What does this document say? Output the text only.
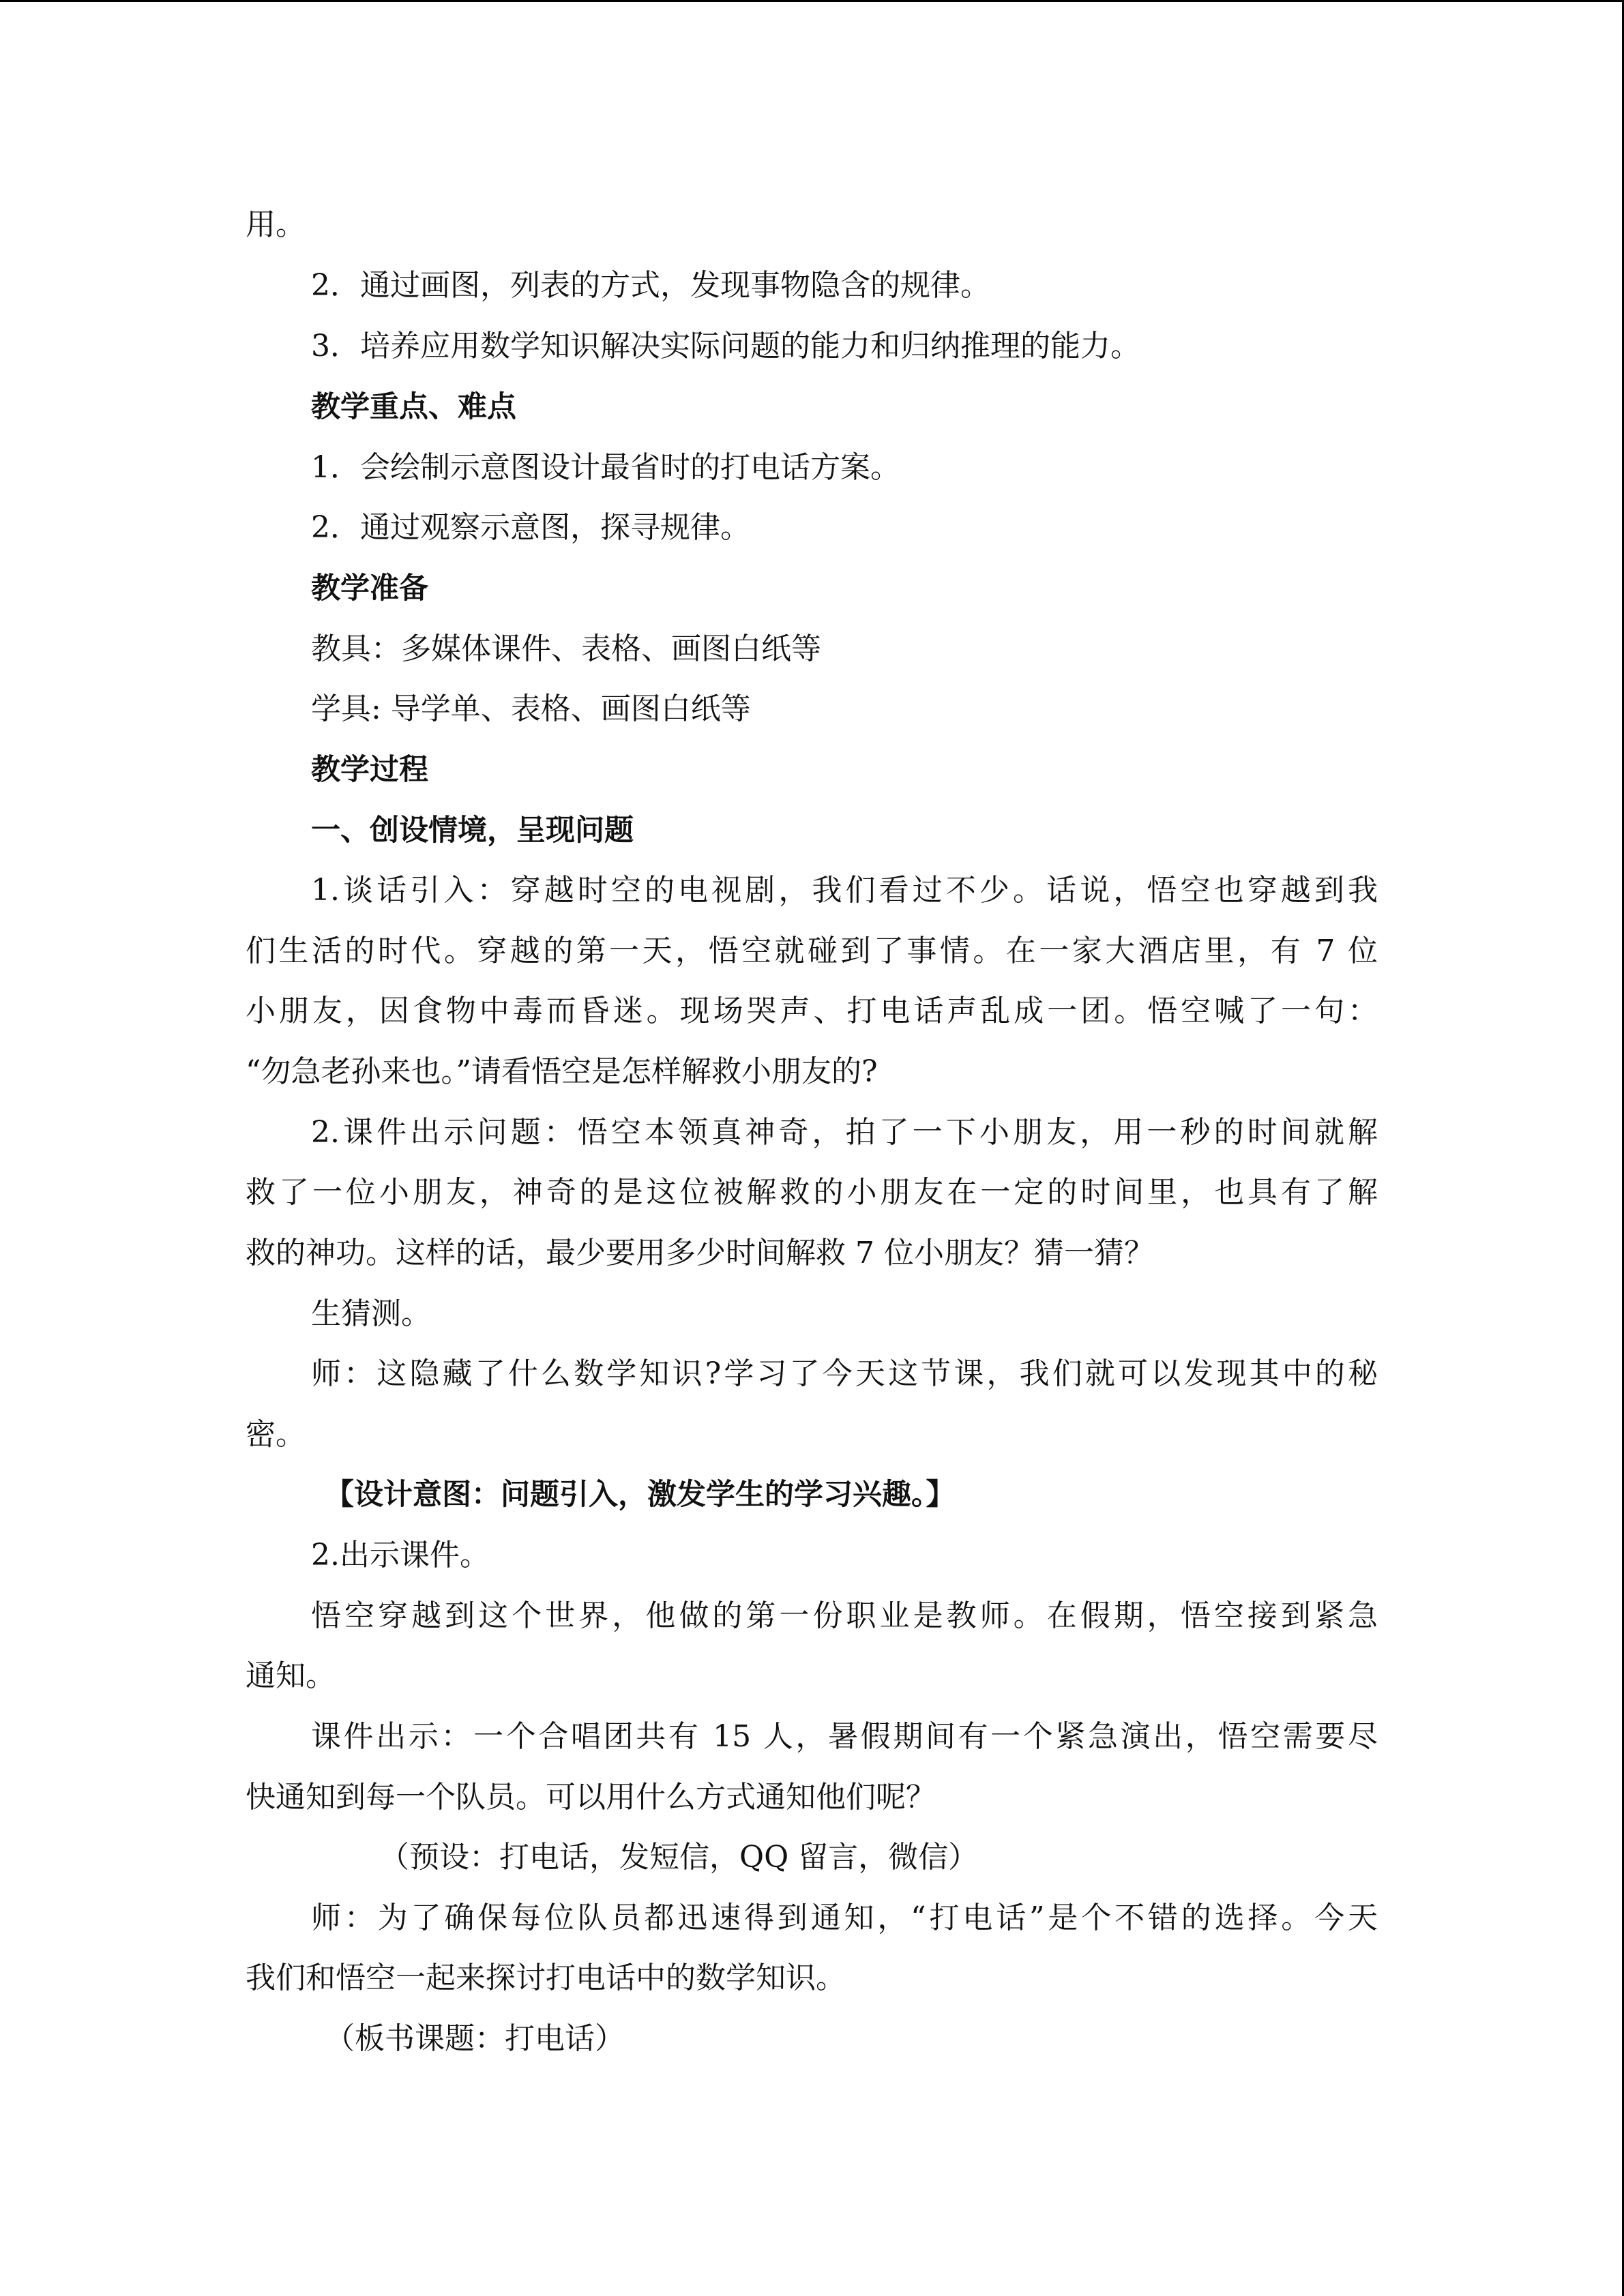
用。
2．通过画图，列表的方式，发现事物隐含的规律。
3．培养应用数学知识解决实际问题的能力和归纳推理的能力。
教学重点、难点
1．会绘制示意图设计最省时的打电话方案。
2．通过观察示意图，探寻规律。
教学准备
教具：多媒体课件、表格、画图白纸等
学具: 导学单、表格、画图白纸等
教学过程
一、创设情境，呈现问题
1.谈话引入：穿越时空的电视剧，我们看过不少。话说，悟空也穿越到我
们生活的时代。穿越的第一天，悟空就碰到了事情。在一家大酒店里，有 7 位
小朋友，因食物中毒而昏迷。现场哭声、打电话声乱成一团。悟空喊了一句：
“勿急老孙来也。”请看悟空是怎样解救小朋友的?
2.课件出示问题：悟空本领真神奇，拍了一下小朋友，用一秒的时间就解
救了一位小朋友，神奇的是这位被解救的小朋友在一定的时间里，也具有了解
救的神功。这样的话，最少要用多少时间解救 7 位小朋友？猜一猜？
生猜测。
师：这隐藏了什么数学知识?学习了今天这节课，我们就可以发现其中的秘
密。
【设计意图：问题引入，激发学生的学习兴趣。】
2.出示课件。
悟空穿越到这个世界，他做的第一份职业是教师。在假期，悟空接到紧急
通知。
课件出示：一个合唱团共有 15 人，暑假期间有一个紧急演出，悟空需要尽
快通知到每一个队员。可以用什么方式通知他们呢？
（预设：打电话，发短信，QQ 留言，微信）
师：为了确保每位队员都迅速得到通知，“打电话”是个不错的选择。今天
我们和悟空一起来探讨打电话中的数学知识。
（板书课题：打电话）
